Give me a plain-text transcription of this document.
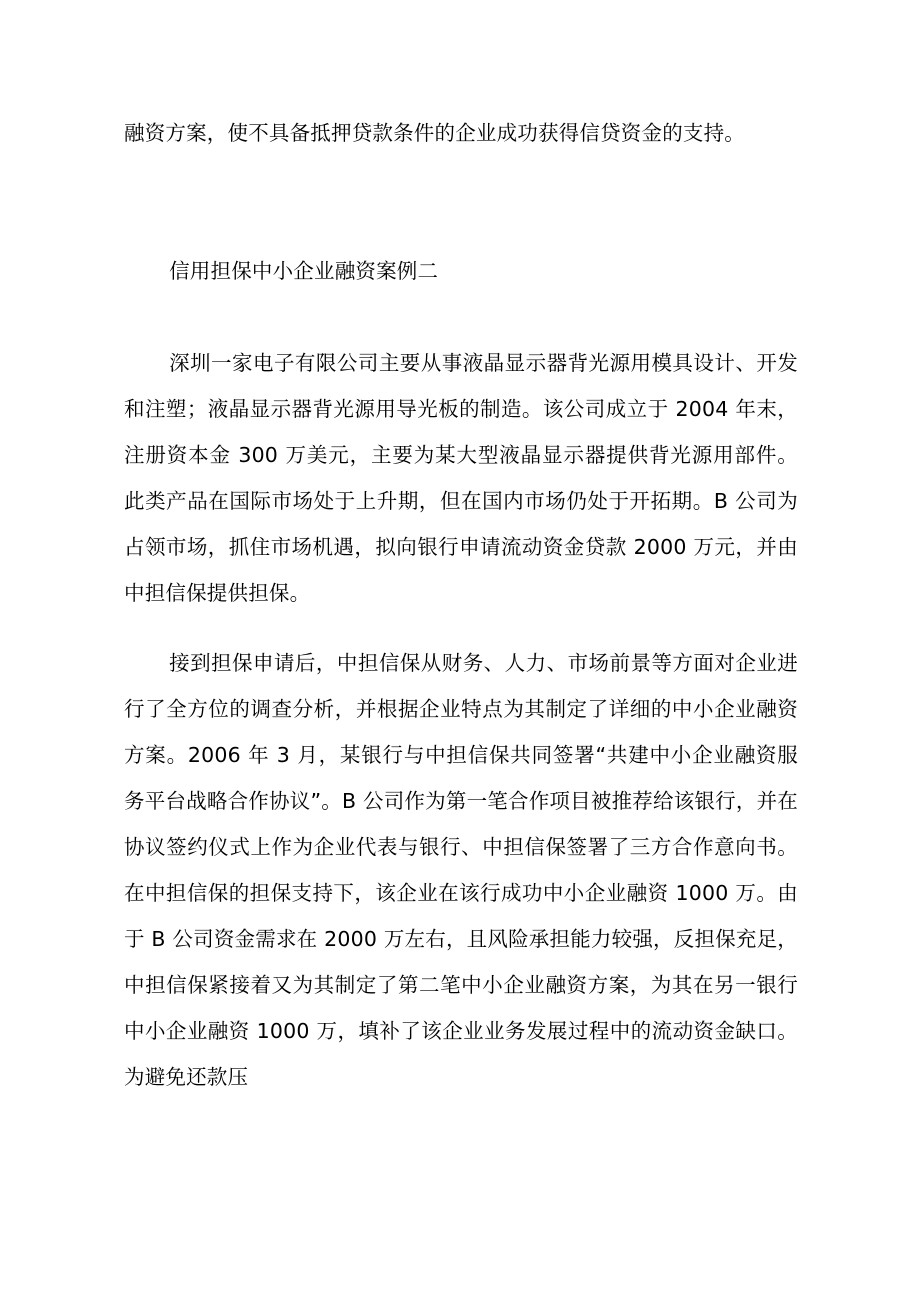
融资方案，使不具备抵押贷款条件的企业成功获得信贷资金的支持。

信用担保中小企业融资案例二

深圳一家电子有限公司主要从事液晶显示器背光源用模具设计、开发和注塑；液晶显示器背光源用导光板的制造。该公司成立于 2004 年末，注册资本金 300 万美元，主要为某大型液晶显示器提供背光源用部件。此类产品在国际市场处于上升期，但在国内市场仍处于开拓期。B 公司为占领市场，抓住市场机遇，拟向银行申请流动资金贷款 2000 万元，并由中担信保提供担保。

接到担保申请后，中担信保从财务、人力、市场前景等方面对企业进行了全方位的调查分析，并根据企业特点为其制定了详细的中小企业融资方案。2006 年 3 月，某银行与中担信保共同签署“共建中小企业融资服务平台战略合作协议”。B 公司作为第一笔合作项目被推荐给该银行，并在协议签约仪式上作为企业代表与银行、中担信保签署了三方合作意向书。在中担信保的担保支持下，该企业在该行成功中小企业融资 1000 万。由于 B 公司资金需求在 2000 万左右，且风险承担能力较强，反担保充足，中担信保紧接着又为其制定了第二笔中小企业融资方案，为其在另一银行中小企业融资 1000 万，填补了该企业业务发展过程中的流动资金缺口。为避免还款压
